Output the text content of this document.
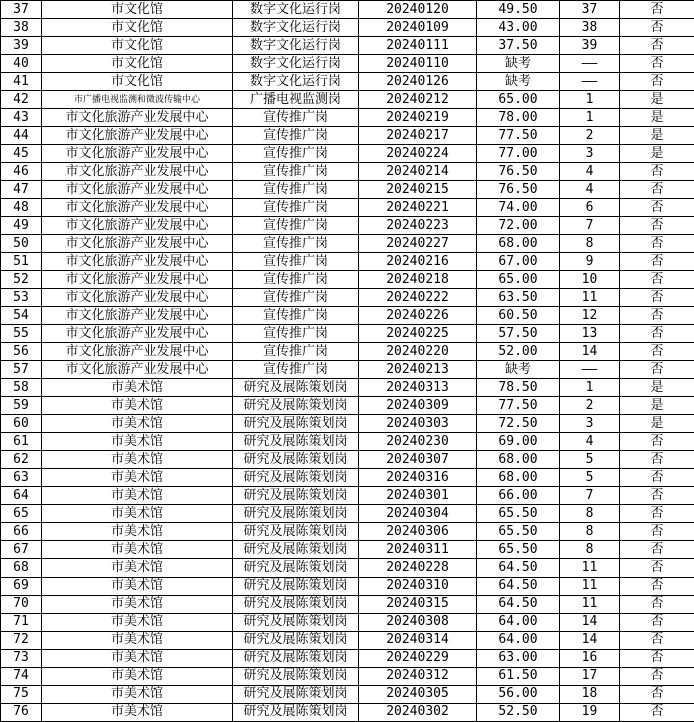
37	市文化馆	数字文化运行岗	20240120	49.50	37	否
38	市文化馆	数字文化运行岗	20240109	43.00	38	否
39	市文化馆	数字文化运行岗	20240111	37.50	39	否
40	市文化馆	数字文化运行岗	20240110	缺考	——	否
41	市文化馆	数字文化运行岗	20240126	缺考	——	否
42	市广播电视监测和微波传输中心	广播电视监测岗	20240212	65.00	1	是
43	市文化旅游产业发展中心	宣传推广岗	20240219	78.00	1	是
44	市文化旅游产业发展中心	宣传推广岗	20240217	77.50	2	是
45	市文化旅游产业发展中心	宣传推广岗	20240224	77.00	3	是
46	市文化旅游产业发展中心	宣传推广岗	20240214	76.50	4	否
47	市文化旅游产业发展中心	宣传推广岗	20240215	76.50	4	否
48	市文化旅游产业发展中心	宣传推广岗	20240221	74.00	6	否
49	市文化旅游产业发展中心	宣传推广岗	20240223	72.00	7	否
50	市文化旅游产业发展中心	宣传推广岗	20240227	68.00	8	否
51	市文化旅游产业发展中心	宣传推广岗	20240216	67.00	9	否
52	市文化旅游产业发展中心	宣传推广岗	20240218	65.00	10	否
53	市文化旅游产业发展中心	宣传推广岗	20240222	63.50	11	否
54	市文化旅游产业发展中心	宣传推广岗	20240226	60.50	12	否
55	市文化旅游产业发展中心	宣传推广岗	20240225	57.50	13	否
56	市文化旅游产业发展中心	宣传推广岗	20240220	52.00	14	否
57	市文化旅游产业发展中心	宣传推广岗	20240213	缺考	——	否
58	市美术馆	研究及展陈策划岗	20240313	78.50	1	是
59	市美术馆	研究及展陈策划岗	20240309	77.50	2	是
60	市美术馆	研究及展陈策划岗	20240303	72.50	3	是
61	市美术馆	研究及展陈策划岗	20240230	69.00	4	否
62	市美术馆	研究及展陈策划岗	20240307	68.00	5	否
63	市美术馆	研究及展陈策划岗	20240316	68.00	5	否
64	市美术馆	研究及展陈策划岗	20240301	66.00	7	否
65	市美术馆	研究及展陈策划岗	20240304	65.50	8	否
66	市美术馆	研究及展陈策划岗	20240306	65.50	8	否
67	市美术馆	研究及展陈策划岗	20240311	65.50	8	否
68	市美术馆	研究及展陈策划岗	20240228	64.50	11	否
69	市美术馆	研究及展陈策划岗	20240310	64.50	11	否
70	市美术馆	研究及展陈策划岗	20240315	64.50	11	否
71	市美术馆	研究及展陈策划岗	20240308	64.00	14	否
72	市美术馆	研究及展陈策划岗	20240314	64.00	14	否
73	市美术馆	研究及展陈策划岗	20240229	63.00	16	否
74	市美术馆	研究及展陈策划岗	20240312	61.50	17	否
75	市美术馆	研究及展陈策划岗	20240305	56.00	18	否
76	市美术馆	研究及展陈策划岗	20240302	52.50	19	否
